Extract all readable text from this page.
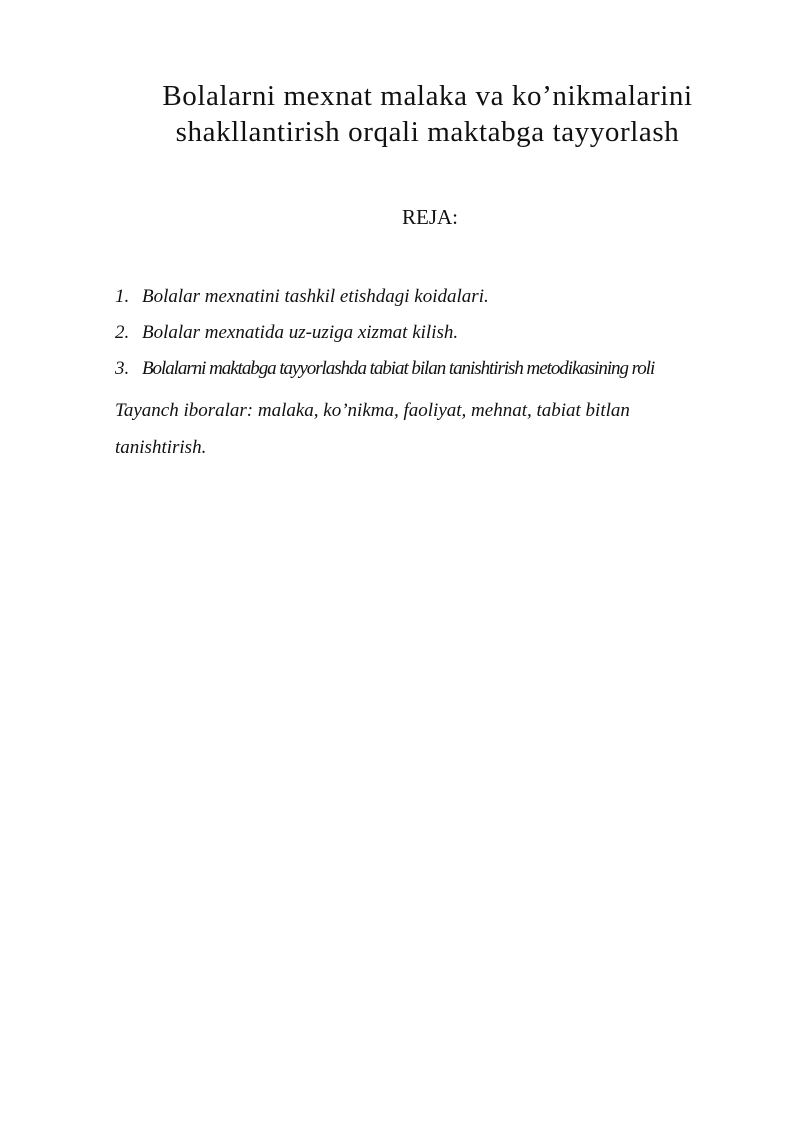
Bolalarni mexnat malaka va ko’nikmalarini
shakllantirish orqali maktabga tayyorlash
REJA:
1. Bolalar mexnatini tashkil etishdagi koidalari.
2. Bolalar mexnatida uz-uziga xizmat kilish.
3. Bolalarni maktabga tayyorlashda tabiat bilan tanishtirish metodikasining roli

Tayanch iboralar: malaka, ko’nikma, faoliyat, mehnat, tabiat bitlan tanishtirish.
